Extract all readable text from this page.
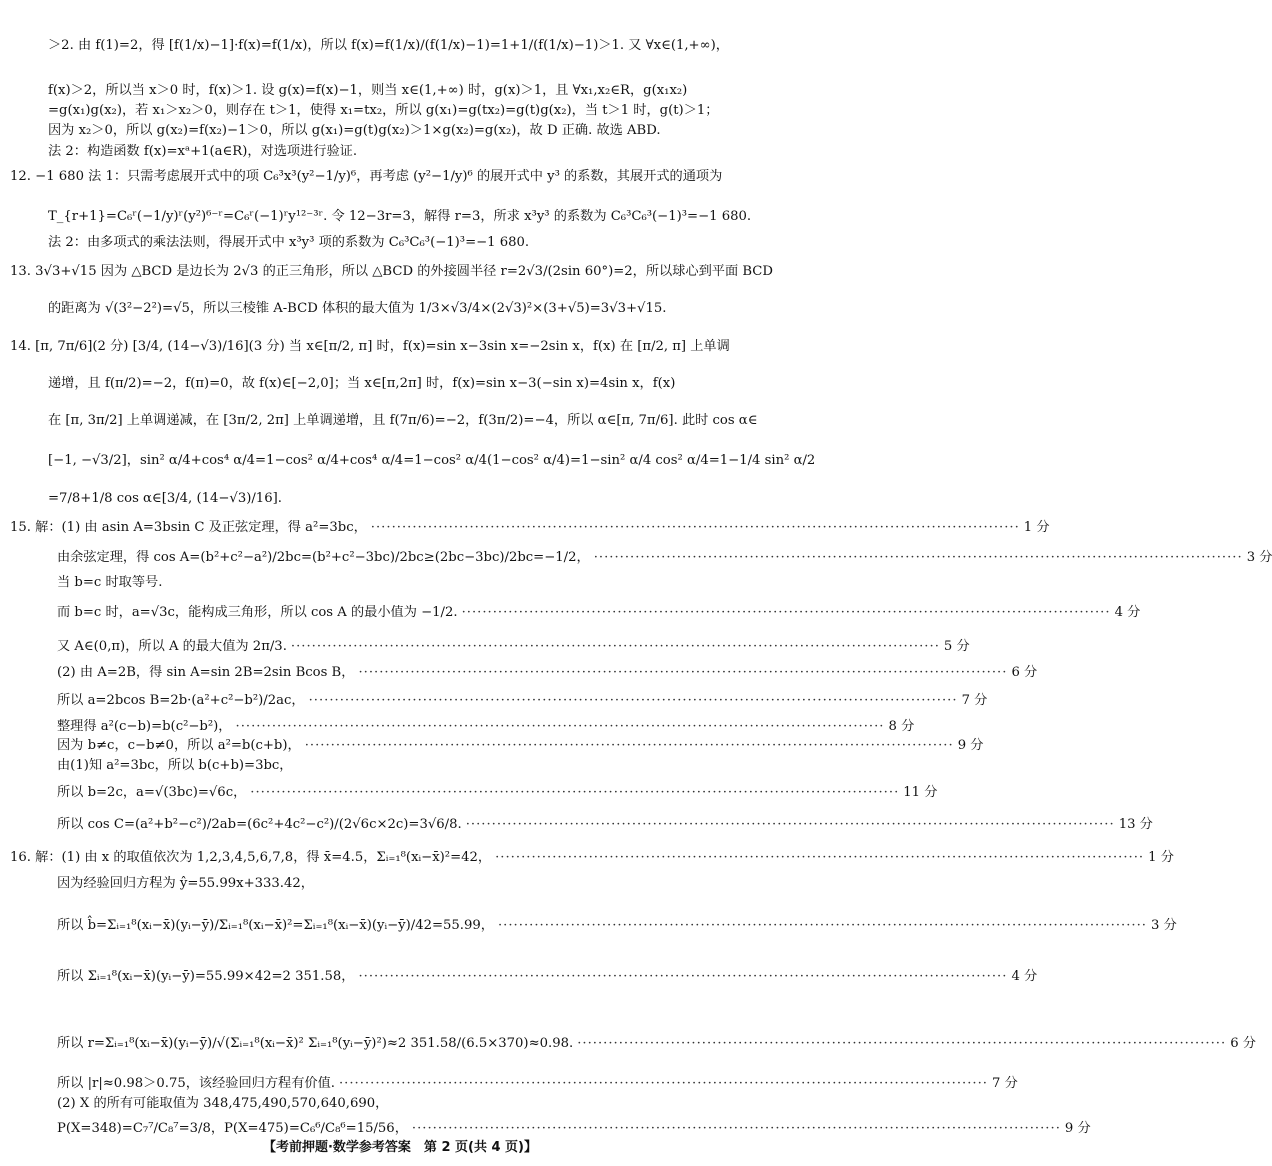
＞2. 由 f(1)=2，得 [f(1/x)−1]·f(x)=f(1/x)，所以 f(x)=f(1/x)/(f(1/x)−1)=1+1/(f(1/x)−1)＞1. 又 ∀x∈(1,+∞)，
f(x)＞2，所以当 x＞0 时，f(x)＞1. 设 g(x)=f(x)−1，则当 x∈(1,+∞) 时，g(x)＞1，且 ∀x₁,x₂∈R，g(x₁x₂)
=g(x₁)g(x₂)，若 x₁＞x₂＞0，则存在 t＞1，使得 x₁=tx₂，所以 g(x₁)=g(tx₂)=g(t)g(x₂)，当 t＞1 时，g(t)＞1；
因为 x₂＞0，所以 g(x₂)=f(x₂)−1＞0，所以 g(x₁)=g(t)g(x₂)＞1×g(x₂)=g(x₂)，故 D 正确. 故选 ABD.
法 2：构造函数 f(x)=xᵃ+1(a∈R)，对选项进行验证.
12. −1 680 法 1：只需考虑展开式中的项 C₆³x³(y²−1/y)⁶，再考虑 (y²−1/y)⁶ 的展开式中 y³ 的系数，其展开式的通项为
T_{r+1}=C₆ʳ(−1/y)ʳ(y²)⁶⁻ʳ=C₆ʳ(−1)ʳy¹²⁻³ʳ. 令 12−3r=3，解得 r=3，所求 x³y³ 的系数为 C₆³C₆³(−1)³=−1 680.
法 2：由多项式的乘法法则，得展开式中 x³y³ 项的系数为 C₆³C₆³(−1)³=−1 680.
13. 3√3+√15 因为 △BCD 是边长为 2√3 的正三角形，所以 △BCD 的外接圆半径 r=2√3/(2sin 60°)=2，所以球心到平面 BCD
的距离为 √(3²−2²)=√5，所以三棱锥 A-BCD 体积的最大值为 1/3×√3/4×(2√3)²×(3+√5)=3√3+√15.
14. [π, 7π/6](2 分) [3/4, (14−√3)/16](3 分) 当 x∈[π/2, π] 时，f(x)=sin x−3sin x=−2sin x，f(x) 在 [π/2, π] 上单调
递增，且 f(π/2)=−2，f(π)=0，故 f(x)∈[−2,0]；当 x∈[π,2π] 时，f(x)=sin x−3(−sin x)=4sin x，f(x)
在 [π, 3π/2] 上单调递减，在 [3π/2, 2π] 上单调递增，且 f(7π/6)=−2，f(3π/2)=−4，所以 α∈[π, 7π/6]. 此时 cos α∈
[−1, −√3/2]，sin² α/4+cos⁴ α/4=1−cos² α/4+cos⁴ α/4=1−cos² α/4(1−cos² α/4)=1−sin² α/4 cos² α/4=1−1/4 sin² α/2
=7/8+1/8 cos α∈[3/4, (14−√3)/16].
15. 解：(1) 由 asin A=3bsin C 及正弦定理，得 a²=3bc， ····························································································································· 1 分
由余弦定理，得 cos A=(b²+c²−a²)/2bc=(b²+c²−3bc)/2bc≥(2bc−3bc)/2bc=−1/2， ····························································································································· 3 分
当 b=c 时取等号.
而 b=c 时，a=√3c，能构成三角形，所以 cos A 的最小值为 −1/2. ····························································································································· 4 分
又 A∈(0,π)，所以 A 的最大值为 2π/3. ····························································································································· 5 分
(2) 由 A=2B，得 sin A=sin 2B=2sin Bcos B， ····························································································································· 6 分
所以 a=2bcos B=2b·(a²+c²−b²)/2ac， ····························································································································· 7 分
整理得 a²(c−b)=b(c²−b²)， ····························································································································· 8 分
因为 b≠c，c−b≠0，所以 a²=b(c+b)， ····························································································································· 9 分
由(1)知 a²=3bc，所以 b(c+b)=3bc，
所以 b=2c，a=√(3bc)=√6c， ····························································································································· 11 分
所以 cos C=(a²+b²−c²)/2ab=(6c²+4c²−c²)/(2√6c×2c)=3√6/8. ····························································································································· 13 分
16. 解：(1) 由 x 的取值依次为 1,2,3,4,5,6,7,8，得 x̄=4.5，Σᵢ₌₁⁸(xᵢ−x̄)²=42， ····························································································································· 1 分
因为经验回归方程为 ŷ=55.99x+333.42，
所以 b̂=Σᵢ₌₁⁸(xᵢ−x̄)(yᵢ−ȳ)/Σᵢ₌₁⁸(xᵢ−x̄)²=Σᵢ₌₁⁸(xᵢ−x̄)(yᵢ−ȳ)/42=55.99， ····························································································································· 3 分
所以 Σᵢ₌₁⁸(xᵢ−x̄)(yᵢ−ȳ)=55.99×42=2 351.58， ····························································································································· 4 分
所以 r=Σᵢ₌₁⁸(xᵢ−x̄)(yᵢ−ȳ)/√(Σᵢ₌₁⁸(xᵢ−x̄)² Σᵢ₌₁⁸(yᵢ−ȳ)²)≈2 351.58/(6.5×370)≈0.98. ····························································································································· 6 分
所以 |r|≈0.98＞0.75，该经验回归方程有价值. ····························································································································· 7 分
(2) X 的所有可能取值为 348,475,490,570,640,690，
P(X=348)=C₇⁷/C₈⁷=3/8，P(X=475)=C₆⁶/C₈⁶=15/56， ····························································································································· 9 分
【考前押题·数学参考答案　第 2 页(共 4 页)】
